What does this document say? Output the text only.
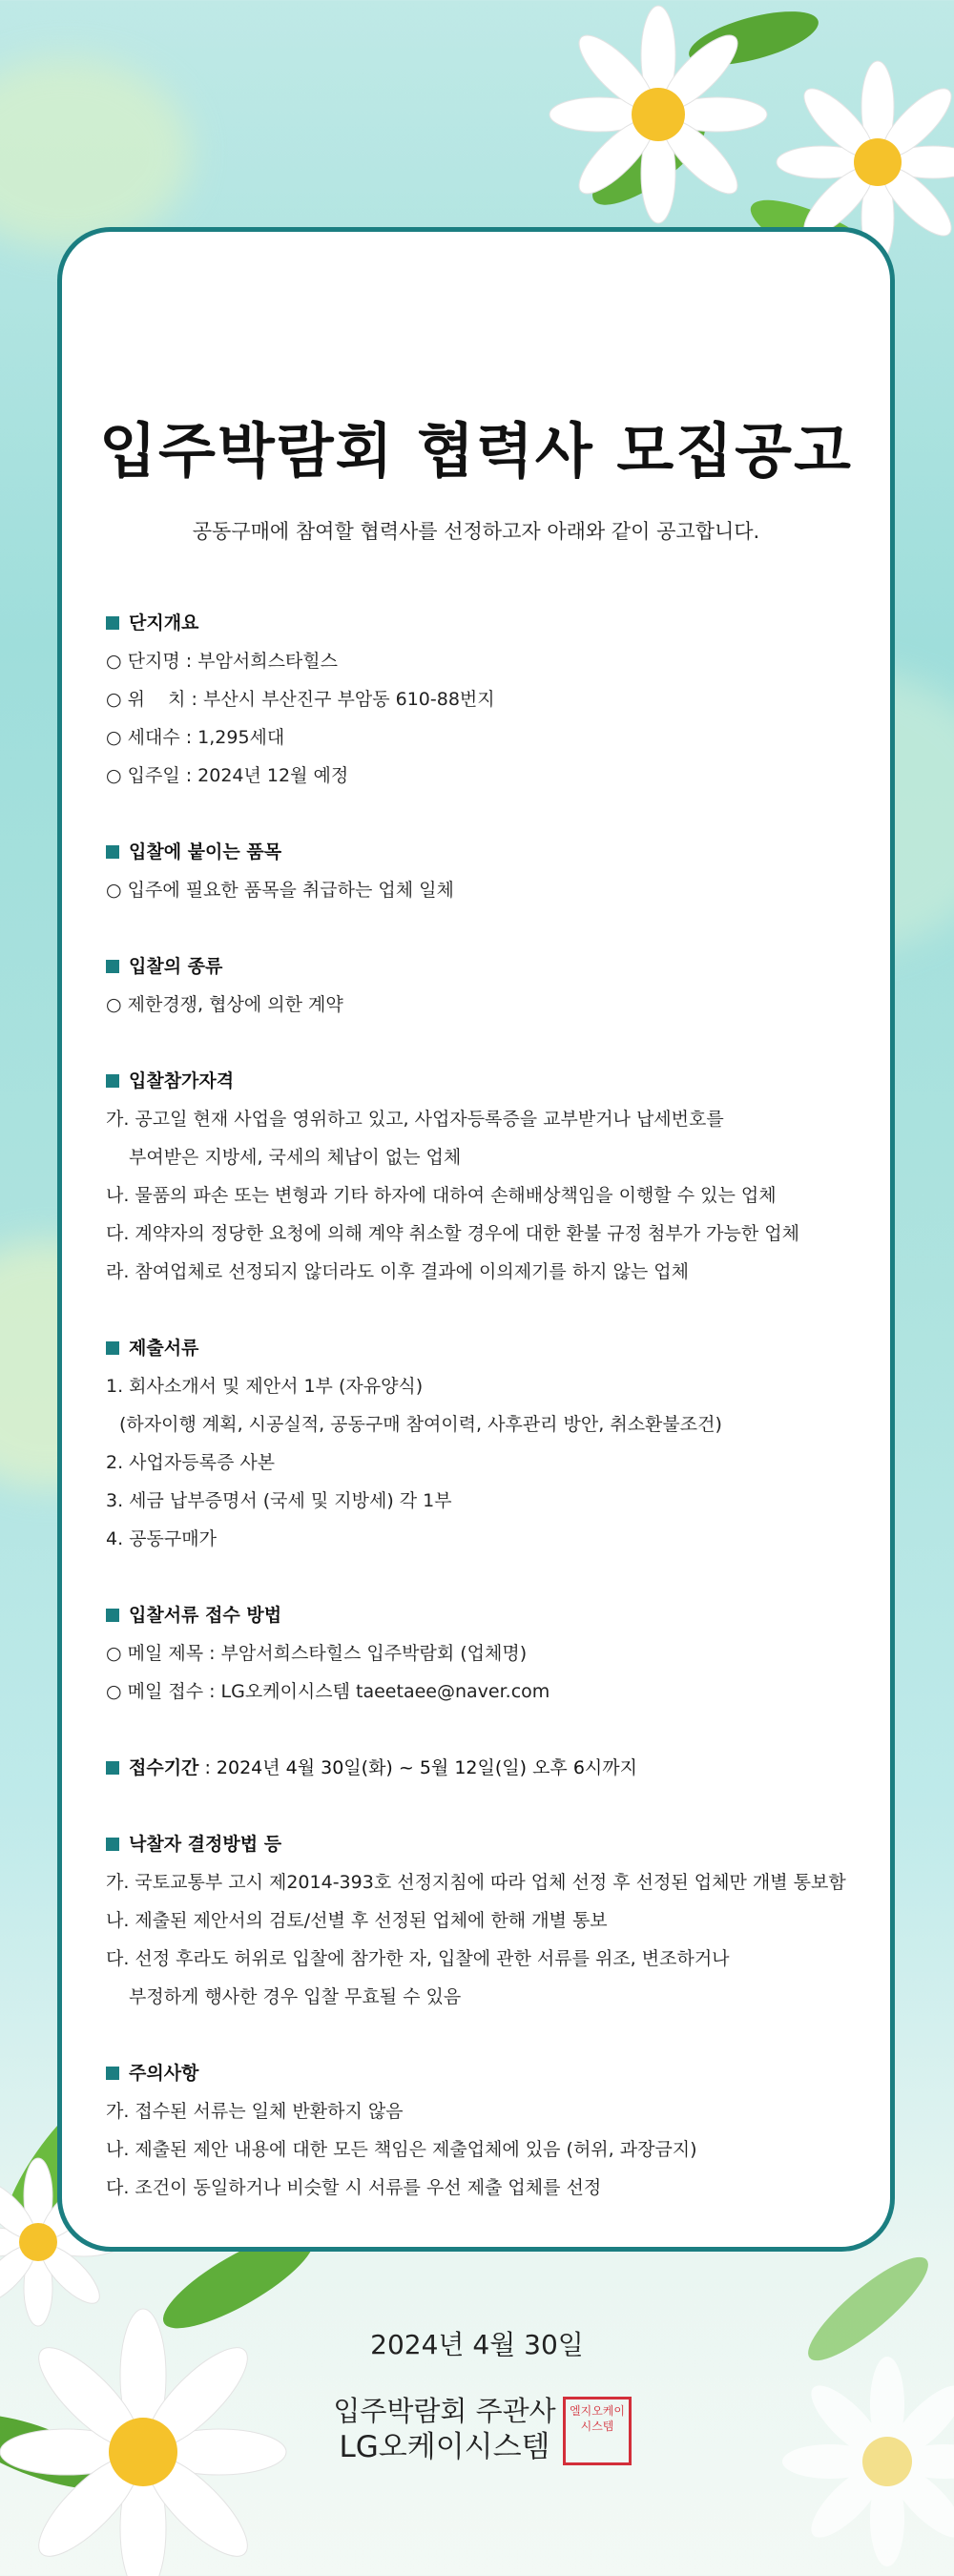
입주박람회 협력사 모집공고
공동구매에 참여할 협력사를 선정하고자 아래와 같이 공고합니다.
단지개요
○ 단지명 : 부암서희스타힐스
○ 위    치 : 부산시 부산진구 부암동 610-88번지
○ 세대수 : 1,295세대
○ 입주일 : 2024년 12월 예정
입찰에 붙이는 품목
○ 입주에 필요한 품목을 취급하는 업체 일체
입찰의 종류
○ 제한경쟁, 협상에 의한 계약
입찰참가자격
가. 공고일 현재 사업을 영위하고 있고, 사업자등록증을 교부받거나 납세번호를
부여받은 지방세, 국세의 체납이 없는 업체
나. 물품의 파손 또는 변형과 기타 하자에 대하여 손해배상책임을 이행할 수 있는 업체
다. 계약자의 정당한 요청에 의해 계약 취소할 경우에 대한 환불 규정 첨부가 가능한 업체
라. 참여업체로 선정되지 않더라도 이후 결과에 이의제기를 하지 않는 업체
제출서류
1. 회사소개서 및 제안서 1부 (자유양식)
(하자이행 계획, 시공실적, 공동구매 참여이력, 사후관리 방안, 취소환불조건)
2. 사업자등록증 사본
3. 세금 납부증명서 (국세 및 지방세) 각 1부
4. 공동구매가
입찰서류 접수 방법
○ 메일 제목 : 부암서희스타힐스 입주박람회 (업체명)
○ 메일 접수 : LG오케이시스템 taeetaee@naver.com
접수기간 : 2024년 4월 30일(화) ~ 5월 12일(일) 오후 6시까지
낙찰자 결정방법 등
가. 국토교통부 고시 제2014-393호 선정지침에 따라 업체 선정 후 선정된 업체만 개별 통보함
나. 제출된 제안서의 검토/선별 후 선정된 업체에 한해 개별 통보
다. 선정 후라도 허위로 입찰에 참가한 자, 입찰에 관한 서류를 위조, 변조하거나
부정하게 행사한 경우 입찰 무효될 수 있음
주의사항
가. 접수된 서류는 일체 반환하지 않음
나. 제출된 제안 내용에 대한 모든 책임은 제출업체에 있음 (허위, 과장금지)
다. 조건이 동일하거나 비슷할 시 서류를 우선 제출 업체를 선정
2024년 4월 30일
입주박람회 주관사
LG오케이시스템
엘지오케이시스템
